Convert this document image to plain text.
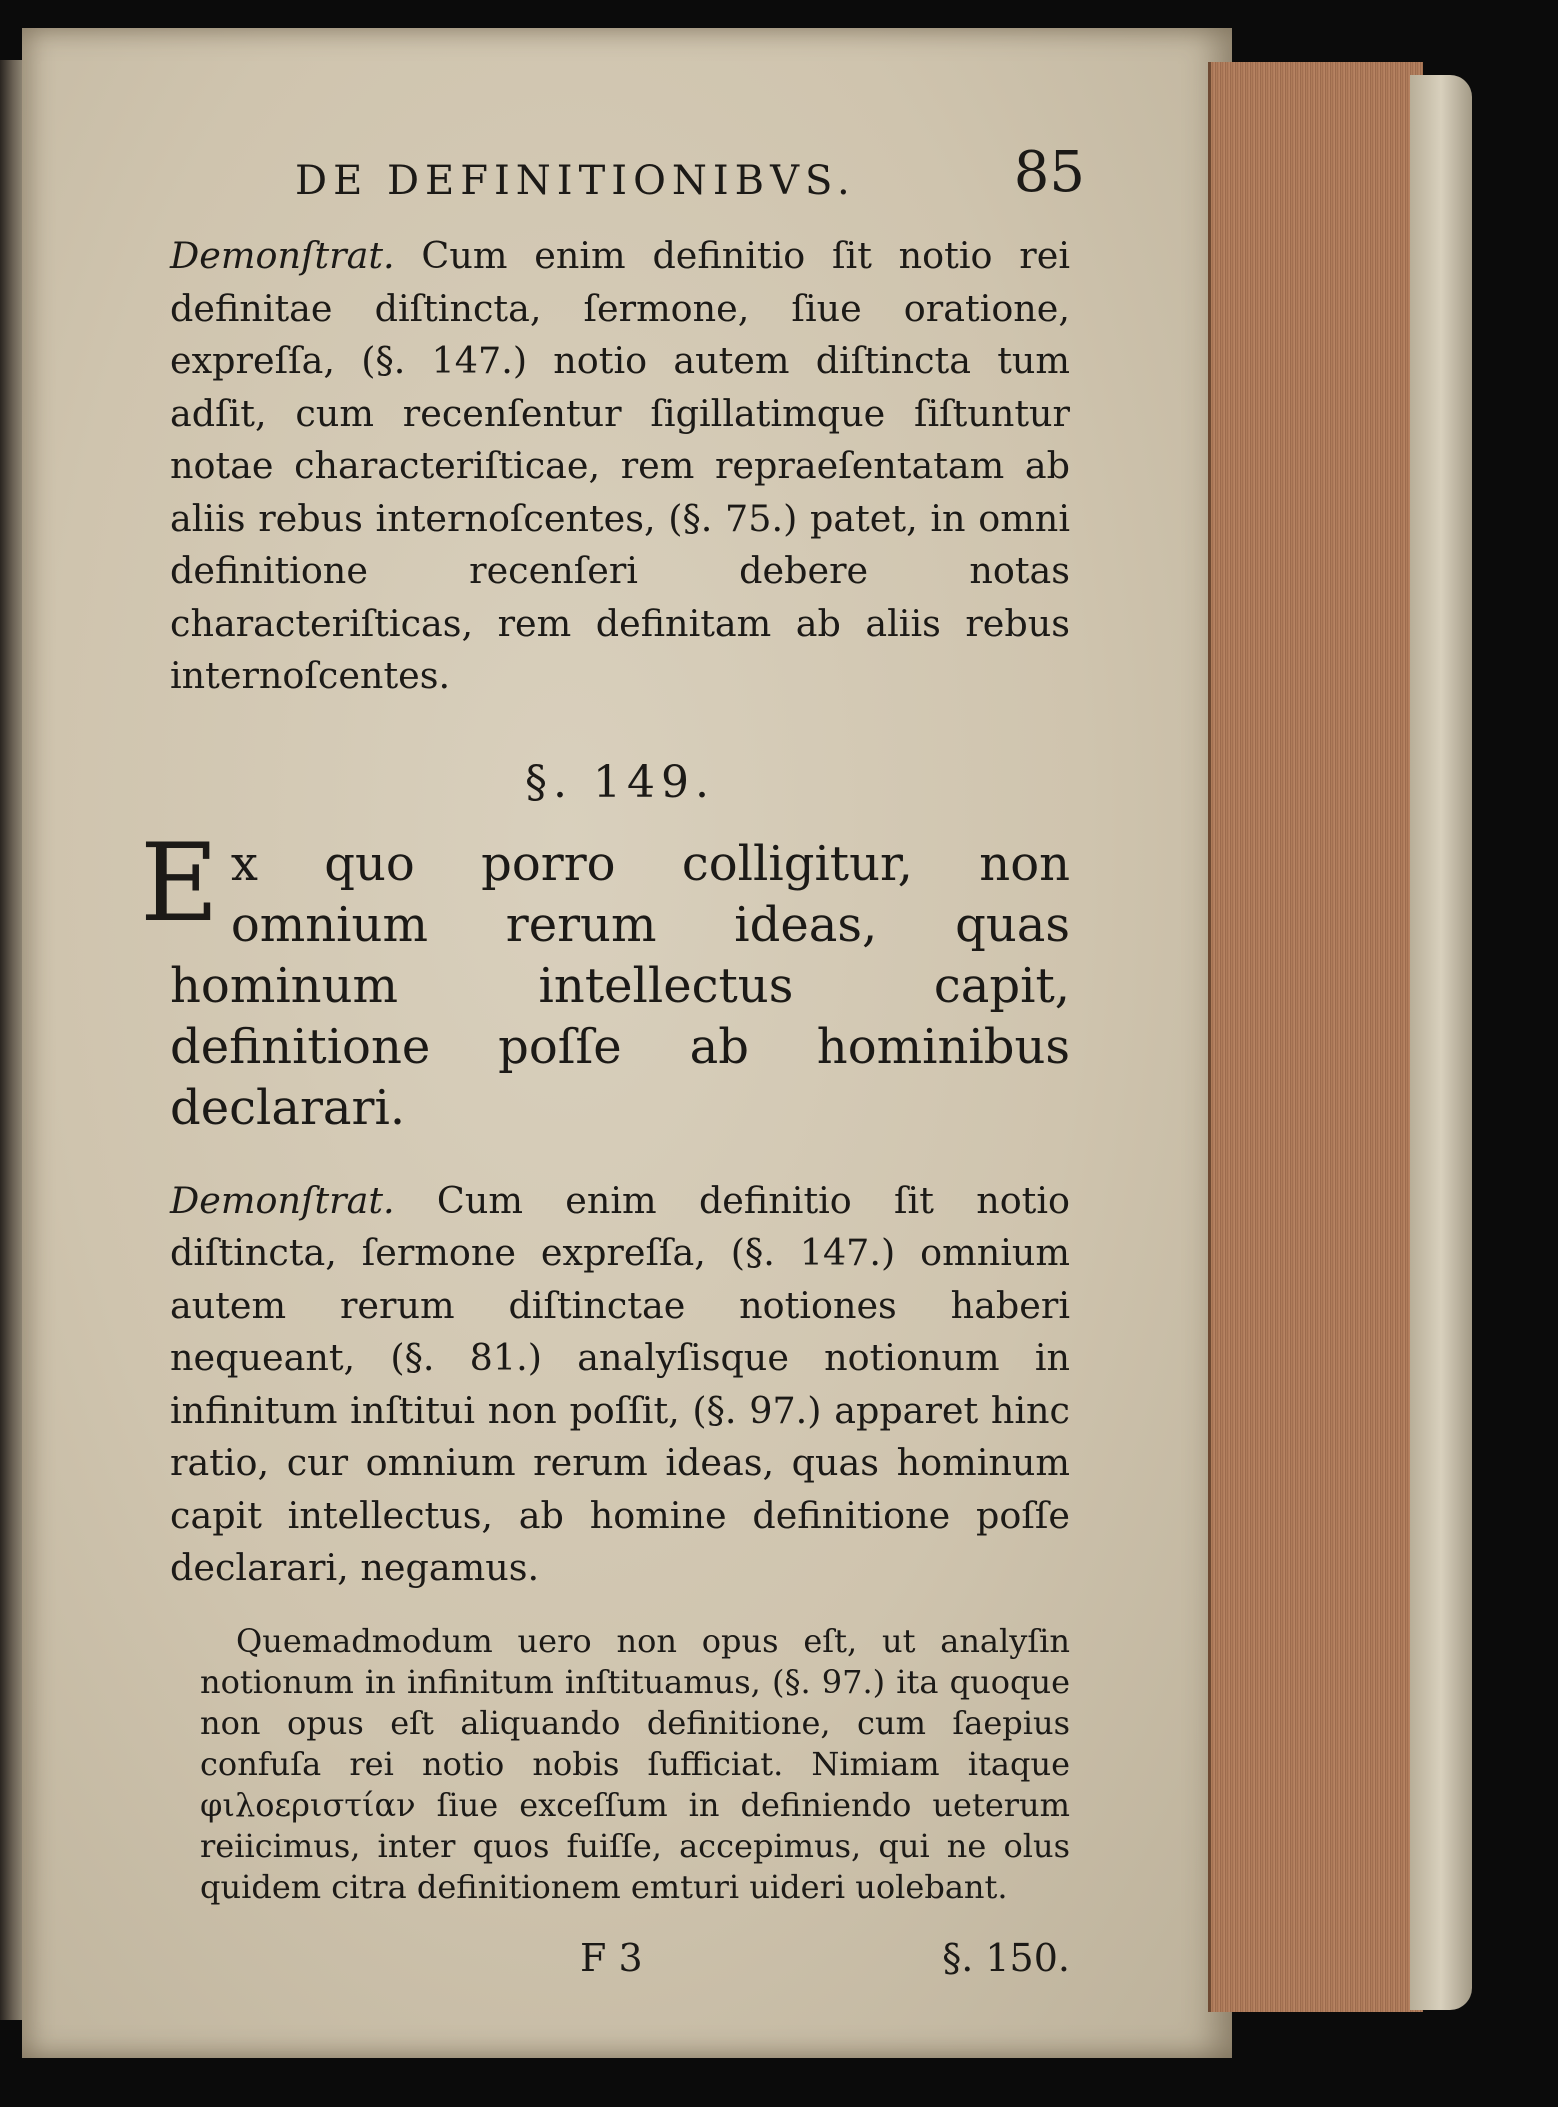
DE DEFINITIONIBVS.	85

Demonſtrat. Cum enim definitio ſit notio rei definitae diſtincta, ſermone, ſiue oratione, expreſſa, (§. 147.) notio autem diſtincta tum adſit, cum recenſentur ſigillatimque ſiſtuntur notae characteriſticae, rem repraeſentatam ab aliis rebus internoſcentes, (§. 75.) patet, in omni definitione recenſeri debere notas characteriſticas, rem definitam ab aliis rebus internoſcentes.

§. 149.

E x quo porro colligitur, non omnium rerum ideas, quas hominum intellectus capit, definitione poſſe ab hominibus declarari.

Demonſtrat. Cum enim definitio ſit notio diſtincta, ſermone expreſſa, (§. 147.) omnium autem rerum diſtinctae notiones haberi nequeant, (§. 81.) analyſisque notionum in infinitum inſtitui non poſſit, (§. 97.) apparet hinc ratio, cur omnium rerum ideas, quas hominum capit intellectus, ab homine definitione poſſe declarari, negamus.

Quemadmodum uero non opus eſt, ut analyſin notionum in infinitum inſtituamus, (§. 97.) ita quoque non opus eſt aliquando definitione, cum ſaepius confuſa rei notio nobis ſufficiat. Nimiam itaque φιλοεριστίαν ſiue exceſſum in definiendo ueterum reiicimus, inter quos fuiſſe, accepimus, qui ne olus quidem citra definitionem emturi uideri uolebant.

F 3	§. 150.
